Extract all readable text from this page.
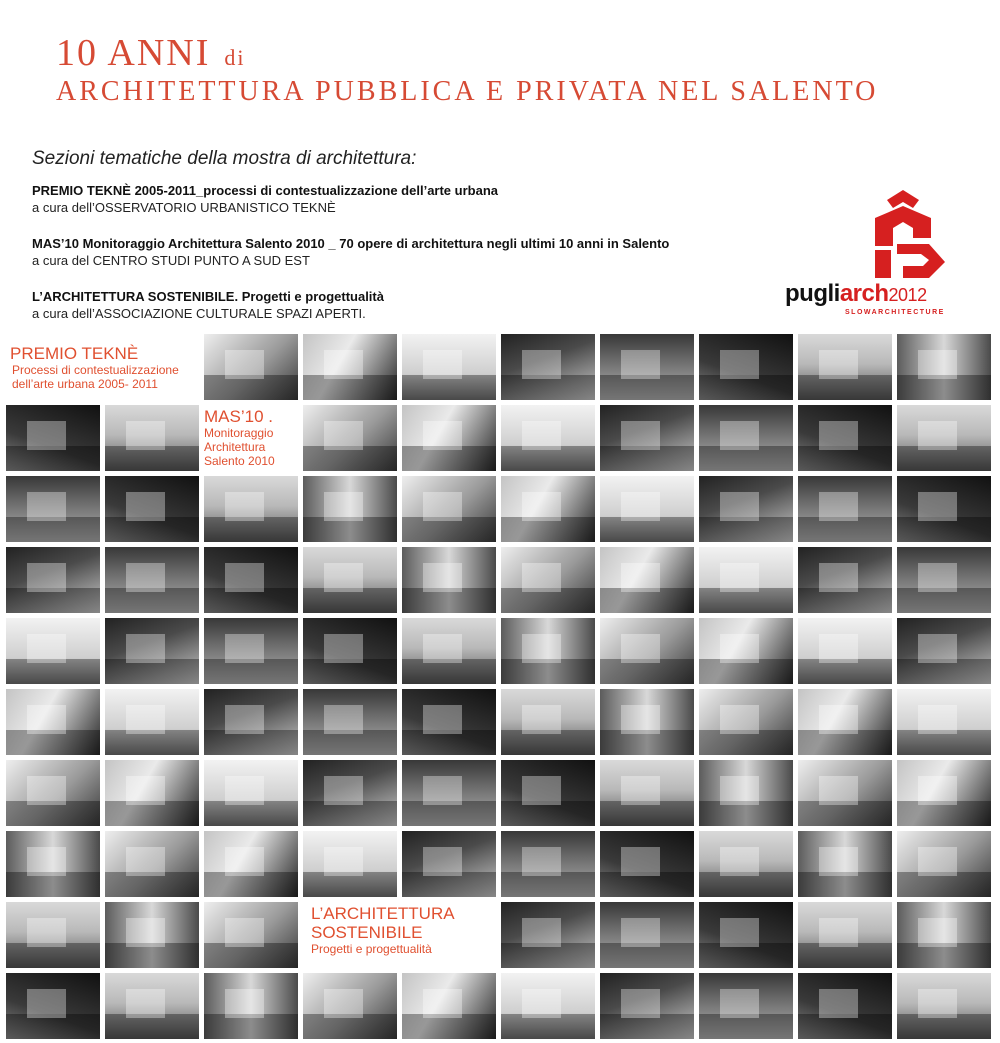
10 ANNI di
ARCHITETTURA PUBBLICA E PRIVATA NEL SALENTO
Sezioni tematiche della mostra di architettura:
PREMIO TEKNÈ 2005-2011_processi di contestualizzazione dell’arte urbana
a cura dell’OSSERVATORIO URBANISTICO TEKNÈ
MAS’10 Monitoraggio Architettura Salento 2010 _ 70 opere di architettura negli ultimi 10 anni in Salento
a cura del CENTRO STUDI PUNTO A SUD EST
L’ARCHITETTURA SOSTENIBILE. Progetti e progettualità
a cura dell’ASSOCIAZIONE CULTURALE SPAZI APERTI.
pugliarch2012
SLOWARCHITECTURE
PREMIO TEKNÈ
Processi di contestualizzazione
dell’arte urbana 2005- 2011
MAS’10 .
Monitoraggio
Architettura
Salento 2010
L’ARCHITETTURA
SOSTENIBILE
Progetti e progettualità
